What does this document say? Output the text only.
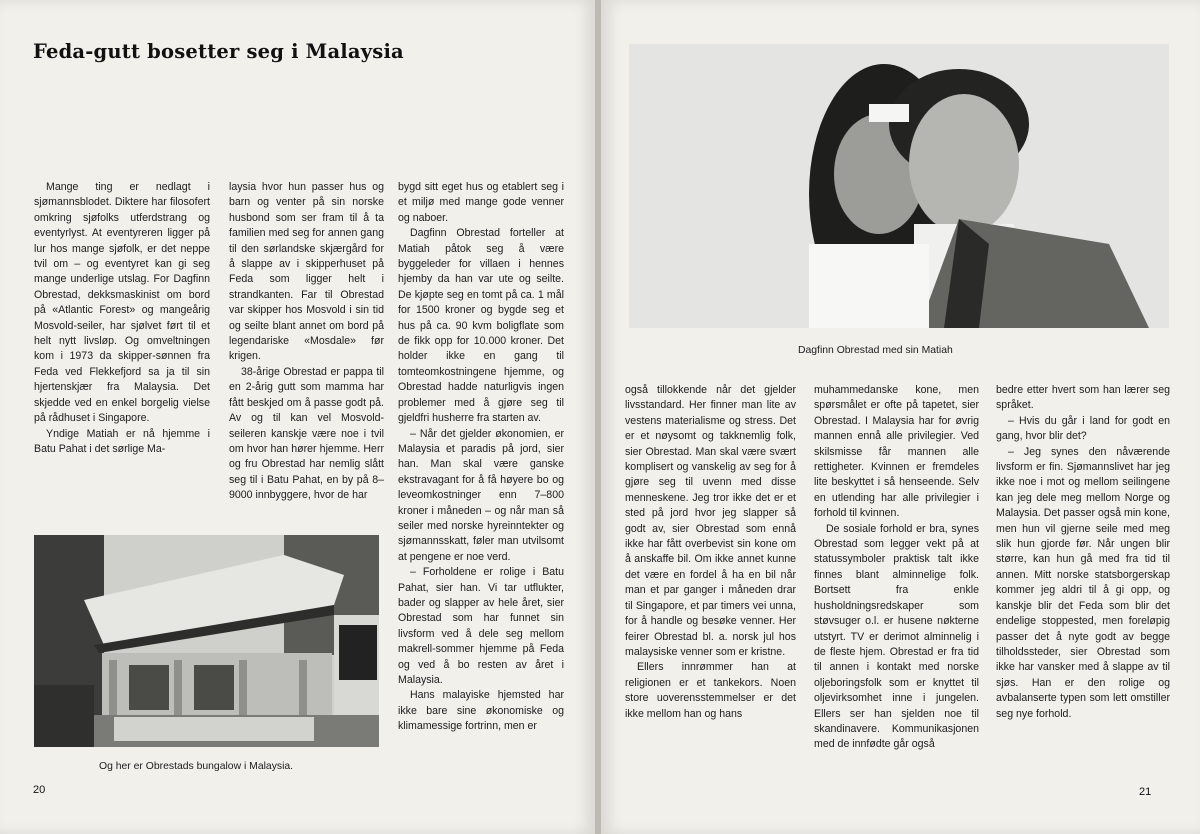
Feda-gutt bosetter seg i Malaysia

Mange ting er nedlagt i sjømannsblodet. Diktere har filosofert omkring sjøfolks utferdstrang og eventyrlyst. At eventyreren ligger på lur hos mange sjøfolk, er det neppe tvil om – og eventyret kan gi seg mange underlige utslag. For Dagfinn Obrestad, dekksmaskinist om bord på «Atlantic Forest» og mangeårig Mosvold-seiler, har sjølvet ført til et helt nytt livsløp. Og omveltningen kom i 1973 da skipper-sønnen fra Feda ved Flekkefjord sa ja til sin hjertenskjær fra Malaysia. Det skjedde ved en enkel borgelig vielse på rådhuset i Singapore.

Yndige Matiah er nå hjemme i Batu Pahat i det sørlige Ma-

laysia hvor hun passer hus og barn og venter på sin norske husbond som ser fram til å ta familien med seg for annen gang til den sørlandske skjærgård for å slappe av i skipperhuset på Feda som ligger helt i strandkanten. Far til Obrestad var skipper hos Mosvold i sin tid og seilte blant annet om bord på legendariske «Mosdale» før krigen.

38-årige Obrestad er pappa til en 2-årig gutt som mamma har fått beskjed om å passe godt på. Av og til kan vel Mosvold-seileren kanskje være noe i tvil om hvor han hører hjemme. Herr og fru Obrestad har nemlig slått seg til i Batu Pahat, en by på 8–9000 innbyggere, hvor de har

bygd sitt eget hus og etablert seg i et miljø med mange gode venner og naboer.

Dagfinn Obrestad forteller at Matiah påtok seg å være byggeleder for villaen i hennes hjemby da han var ute og seilte. De kjøpte seg en tomt på ca. 1 mål for 1500 kroner og bygde seg et hus på ca. 90 kvm boligflate som de fikk opp for 10.000 kroner. Det holder ikke en gang til tomteomkostningene hjemme, og Obrestad hadde naturligvis ingen problemer med å gjøre seg til gjeldfri husherre fra starten av.

– Når det gjelder økonomien, er Malaysia et paradis på jord, sier han. Man skal være ganske ekstravagant for å få høyere bo og leveomkostninger enn 7–800 kroner i måneden – og når man så seiler med norske hyreinntekter og sjømannsskatt, føler man utvilsomt at pengene er noe verd.

– Forholdene er rolige i Batu Pahat, sier han. Vi tar utflukter, bader og slapper av hele året, sier Obrestad som har funnet sin livsform ved å dele seg mellom makrell-sommer hjemme på Feda og ved å bo resten av året i Malaysia.

Hans malayiske hjemsted har ikke bare sine økonomiske og klimamessige fortrinn, men er

Og her er Obrestads bungalow i Malaysia.
20
Dagfinn Obrestad med sin Matiah

også tillokkende når det gjelder livsstandard. Her finner man lite av vestens materialisme og stress. Det er et nøysomt og takknemlig folk, sier Obrestad. Man skal være svært komplisert og vanskelig av seg for å gjøre seg til uvenn med disse menneskene. Jeg tror ikke det er et sted på jord hvor jeg slapper så godt av, sier Obrestad som ennå ikke har fått overbevist sin kone om å anskaffe bil. Om ikke annet kunne det være en fordel å ha en bil når man et par ganger i måneden drar til Singapore, et par timers vei unna, for å handle og besøke venner. Her feirer Obrestad bl. a. norsk jul hos malaysiske venner som er kristne.

Ellers innrømmer han at religionen er et tankekors. Noen store uoverensstemmelser er det ikke mellom han og hans

muhammedanske kone, men spørsmålet er ofte på tapetet, sier Obrestad. I Malaysia har for øvrig mannen ennå alle privilegier. Ved skilsmisse får mannen alle rettigheter. Kvinnen er fremdeles lite beskyttet i så henseende. Selv en utlending har alle privilegier i forhold til kvinnen.

De sosiale forhold er bra, synes Obrestad som legger vekt på at statussymboler praktisk talt ikke finnes blant alminnelige folk. Bortsett fra enkle husholdningsredskaper som støvsuger o.l. er husene nøkterne utstyrt. TV er derimot alminnelig i de fleste hjem. Obrestad er fra tid til annen i kontakt med norske oljeboringsfolk som er knyttet til oljevirksomhet inne i jungelen. Ellers ser han sjelden noe til skandinavere. Kommunikasjonen med de innfødte går også

bedre etter hvert som han lærer seg språket.

– Hvis du går i land for godt en gang, hvor blir det?

– Jeg synes den nåværende livsform er fin. Sjømannslivet har jeg ikke noe i mot og mellom seilingene kan jeg dele meg mellom Norge og Malaysia. Det passer også min kone, men hun vil gjerne seile med meg slik hun gjorde før. Når ungen blir større, kan hun gå med fra tid til annen. Mitt norske statsborgerskap kommer jeg aldri til å gi opp, og kanskje blir det Feda som blir det endelige stoppested, men foreløpig passer det å nyte godt av begge tilholdssteder, sier Obrestad som ikke har vansker med å slappe av til sjøs. Han er den rolige og avbalanserte typen som lett omstiller seg nye forhold.

21
